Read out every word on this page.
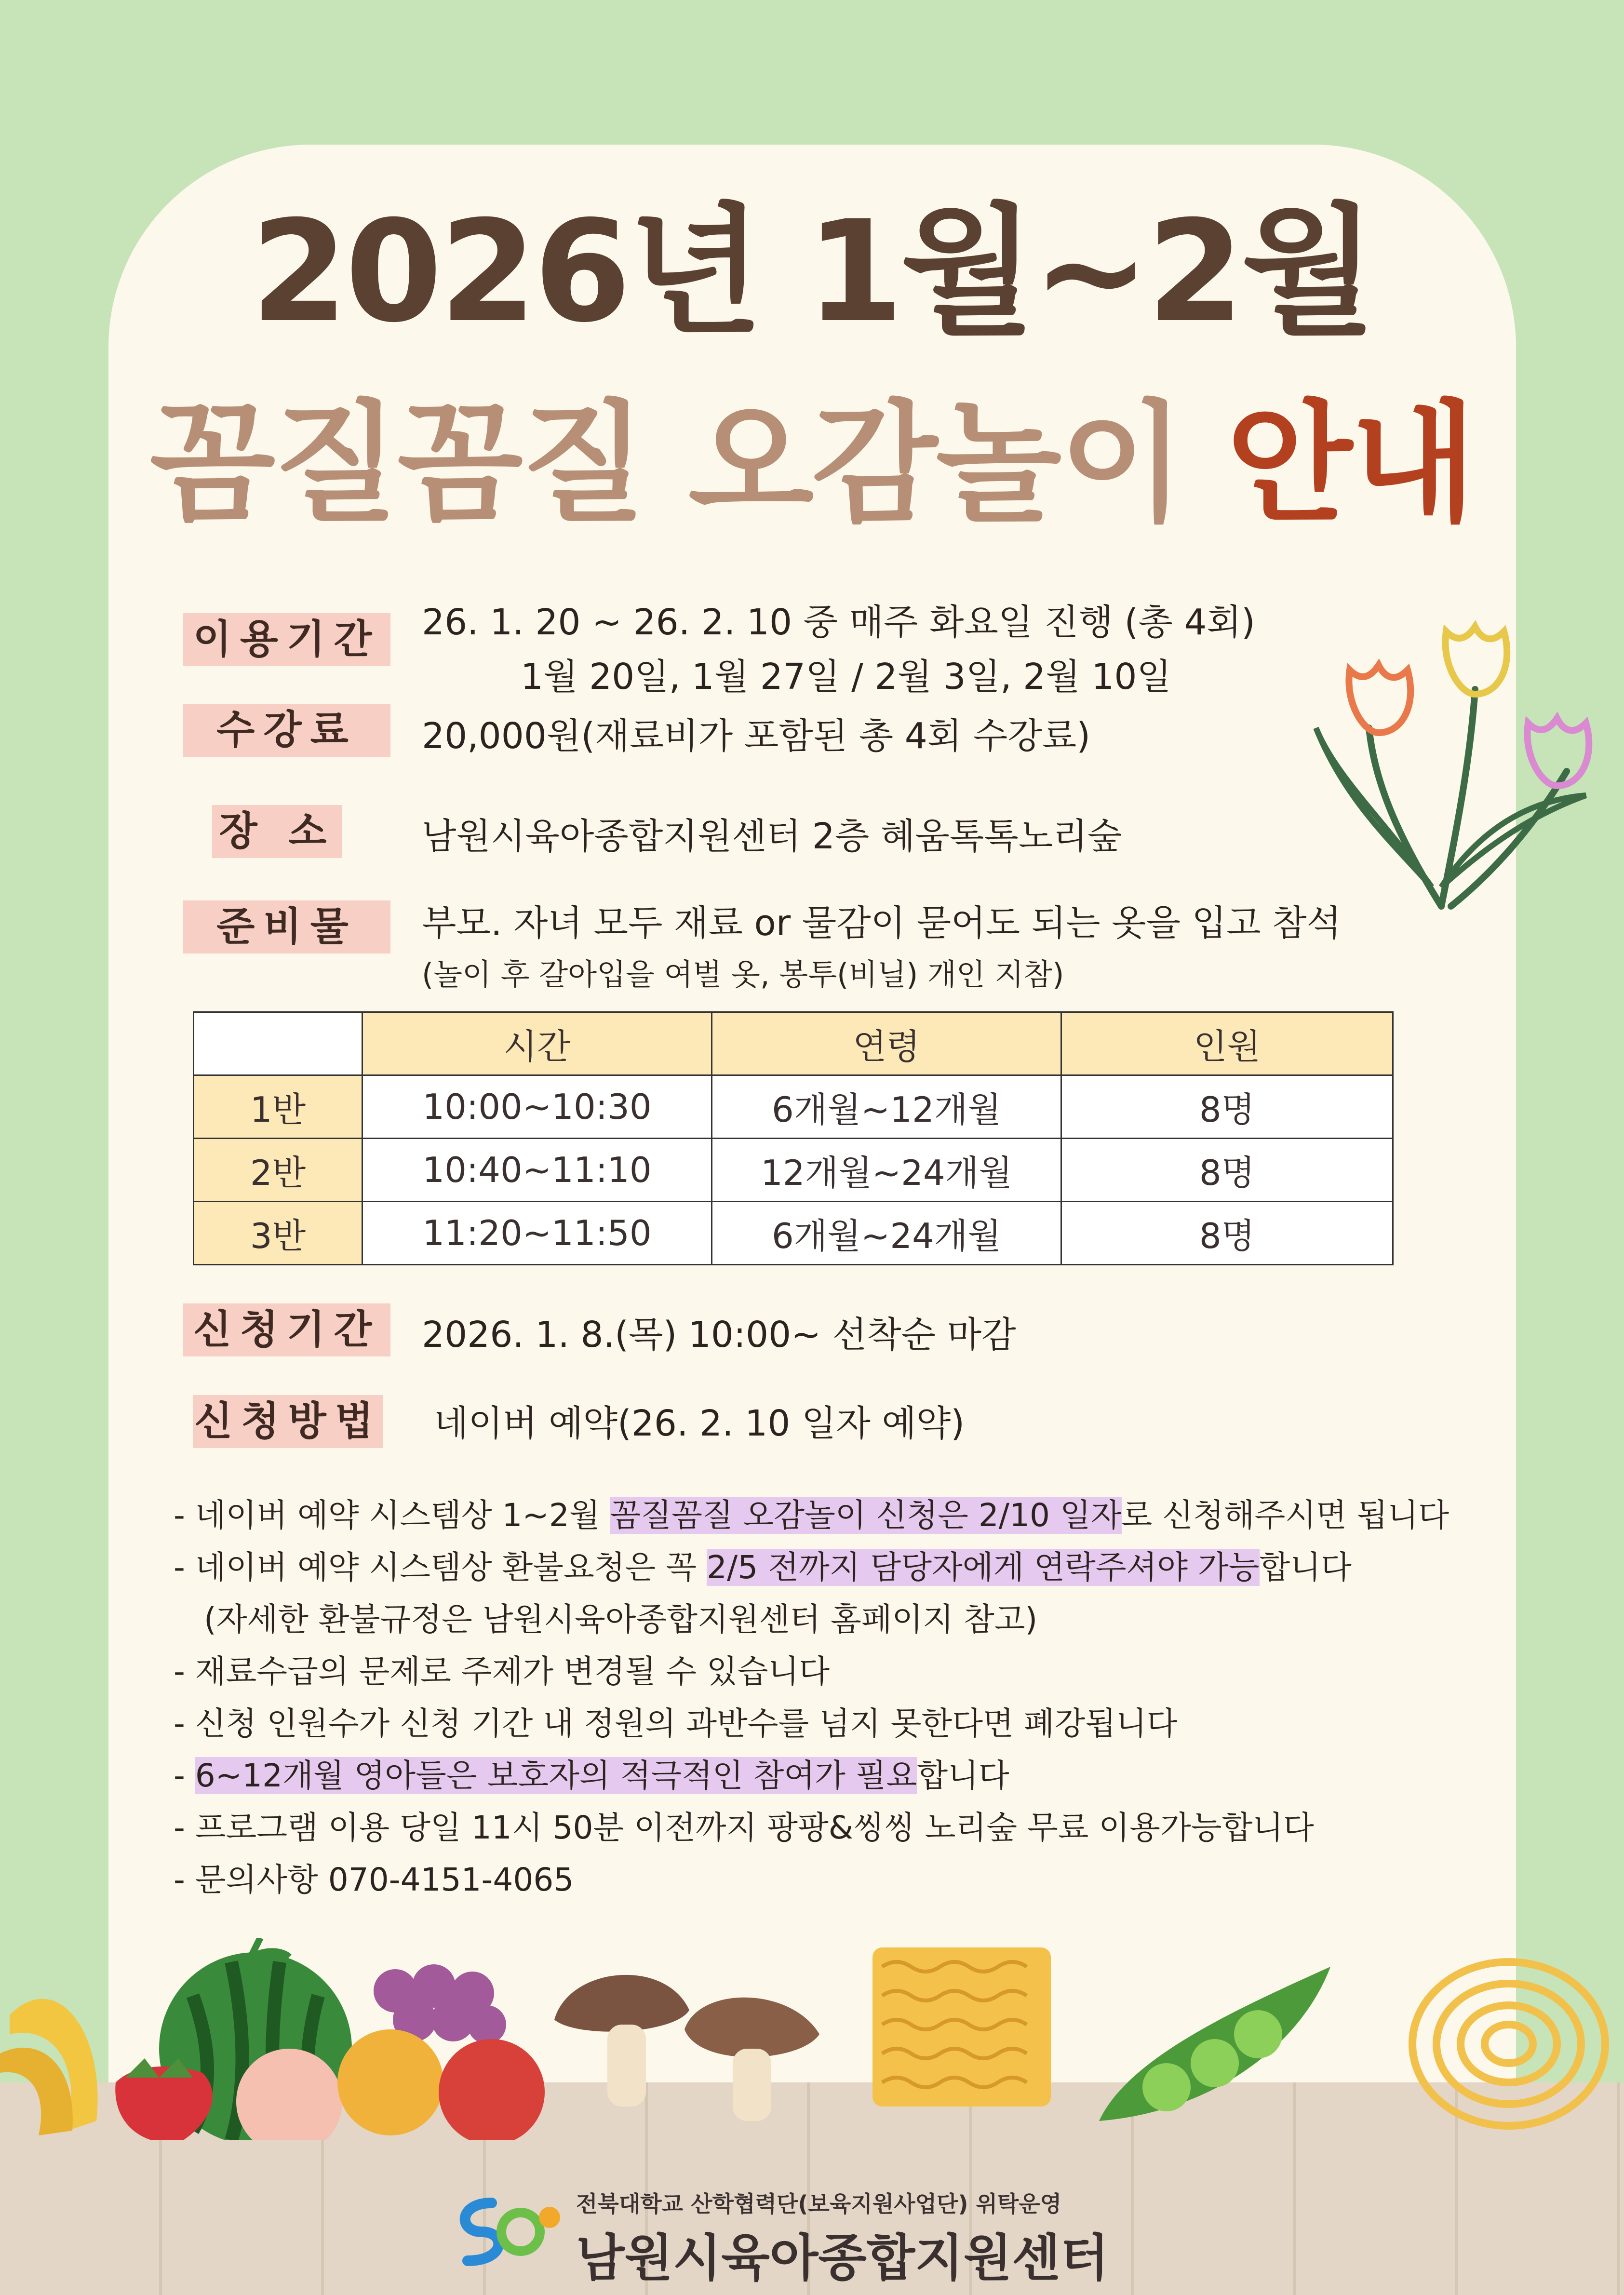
2026년 1월~2월
꼼질꼼질 오감놀이 안내
이용기간 26. 1. 20 ~ 26. 2. 10 중 매주 화요일 진행 (총 4회)
1월 20일, 1월 27일 / 2월 3일, 2월 10일
수강료	20,000원(재료비가 포함된 총 4회 수강료)
장 소 남원시육아종합지원센터 2층 혜움톡톡노리숲
준비물	부모. 자녀 모두 재료 or 물감이 묻어도 되는 옷을 입고 참석
(놀이 후 갈아입을 여벌 옷, 봉투(비닐) 개인 지참)
	시간	연령	인원
1반	10:00~10:30	6개월~12개월	8명
2반	10:40~11:10	12개월~24개월	8명
3반	11:20~11:50	6개월~24개월	8명
신청기간 2026. 1. 8.(목) 10:00~ 선착순 마감
신청방법 네이버 예약(26. 2. 10 일자 예약)
- 네이버 예약 시스템상 1~2월 꼼질꼼질 오감놀이 신청은 2/10 일자로 신청해주시면 됩니다
- 네이버 예약 시스템상 환불요청은 꼭 2/5 전까지 담당자에게 연락주셔야 가능합니다
(자세한 환불규정은 남원시육아종합지원센터 홈페이지 참고)
- 재료수급의 문제로 주제가 변경될 수 있습니다
- 신청 인원수가 신청 기간 내 정원의 과반수를 넘지 못한다면 폐강됩니다
- 6~12개월 영아들은 보호자의 적극적인 참여가 필요합니다
- 프로그램 이용 당일 11시 50분 이전까지 팡팡&씽씽 노리숲 무료 이용가능합니다
- 문의사항 070-4151-4065
전북대학교 산학협력단(보육지원사업단) 위탁운영
남원시육아종합지원센터
